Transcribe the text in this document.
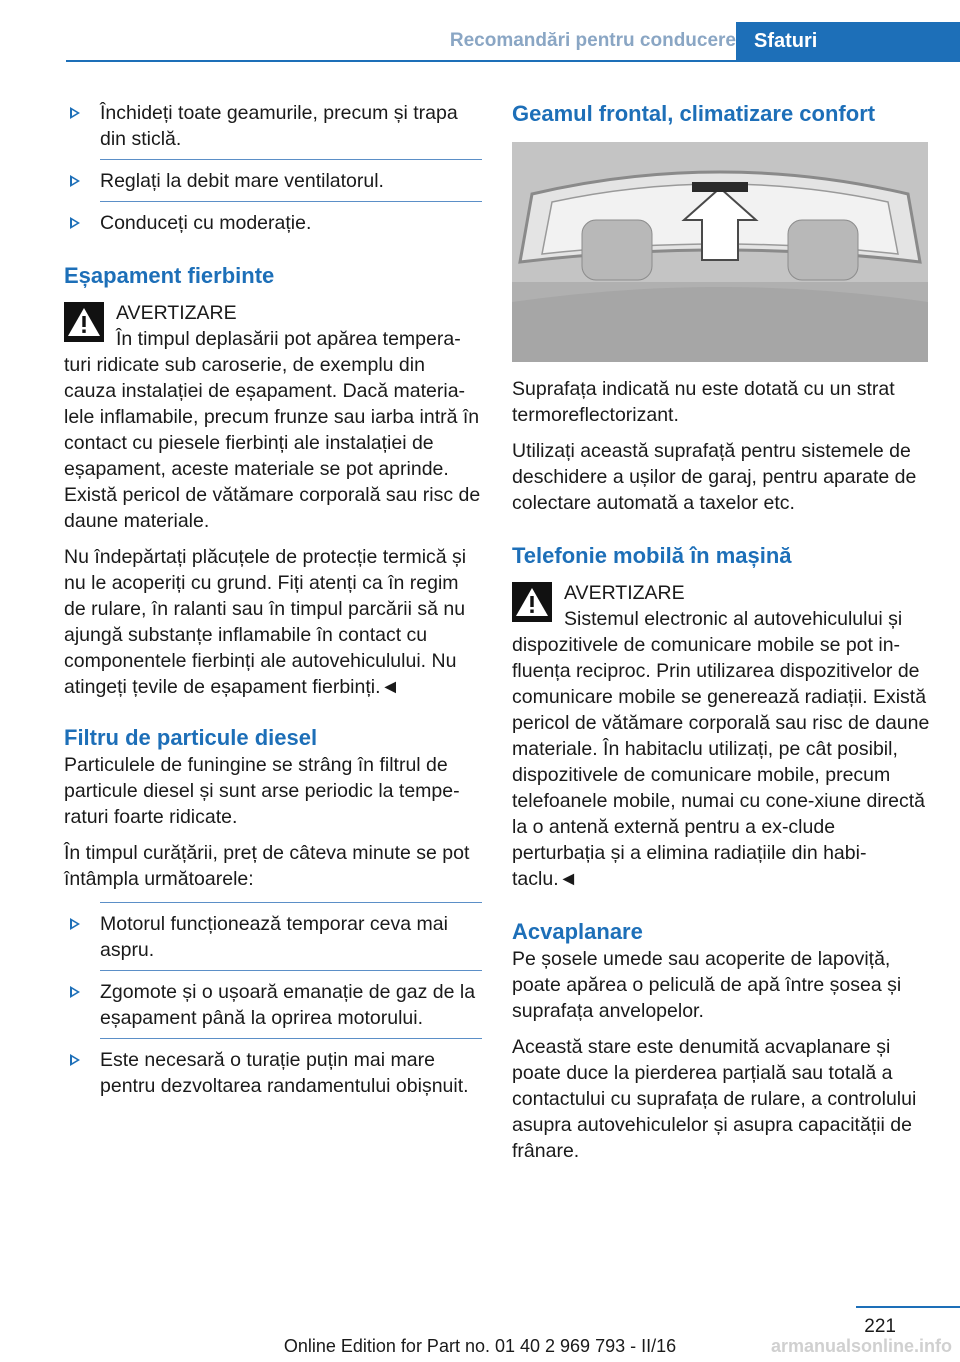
Recomandări pentru conducere Sfaturi
Închideți toate geamurile, precum și trapa din sticlă.
Reglați la debit mare ventilatorul.
Conduceți cu moderație.
Eșapament fierbinte
AVERTIZARE

În timpul deplasării pot apărea tempera-turi ridicate sub caroserie, de exemplu din cauza instalației de eșapament. Dacă materia-lele inflamabile, precum frunze sau iarba intră în contact cu piesele fierbinți ale instalației de eșapament, aceste materiale se pot aprinde. Există pericol de vătămare corporală sau risc de daune materiale.

Nu îndepărtați plăcuțele de protecție termică și nu le acoperiți cu grund. Fiți atenți ca în regim de rulare, în ralanti sau în timpul parcării să nu ajungă substanțe inflamabile în contact cu componentele fierbinți ale autovehiculului. Nu atingeți țevile de eșapament fierbinți.◄

Filtru de particule diesel

Particulele de funingine se strâng în filtrul de particule diesel și sunt arse periodic la tempe-raturi foarte ridicate.

În timpul curățării, preț de câteva minute se pot întâmpla următoarele:

Motorul funcționează temporar ceva mai aspru.
Zgomote și o ușoară emanație de gaz de la eșapament până la oprirea motorului.
Este necesară o turație puțin mai mare pentru dezvoltarea randamentului obișnuit.
Geamul frontal, climatizare confort

Suprafața indicată nu este dotată cu un strat termoreflectorizant.

Utilizați această suprafață pentru sistemele de deschidere a ușilor de garaj, pentru aparate de colectare automată a taxelor etc.

Telefonie mobilă în mașină
AVERTIZARE

Sistemul electronic al autovehiculului și dispozitivele de comunicare mobile se pot in-fluența reciproc. Prin utilizarea dispozitivelor de comunicare mobile se generează radiații. Există pericol de vătămare corporală sau risc de daune materiale. În habitaclu utilizați, pe cât posibil, dispozitivele de comunicare mobile, precum telefoanele mobile, numai cu cone-xiune directă la o antenă externă pentru a ex-clude perturbația și a elimina radiațiile din habi-taclu.◄

Acvaplanare

Pe șosele umede sau acoperite de lapoviță, poate apărea o peliculă de apă între șosea și suprafața anvelopelor.

Această stare este denumită acvaplanare și poate duce la pierderea parțială sau totală a contactului cu suprafața de rulare, a controlului asupra autovehiculelor și asupra capacității de frânare.

221
Online Edition for Part no. 01 40 2 969 793 - II/16	armanualsonline.info
